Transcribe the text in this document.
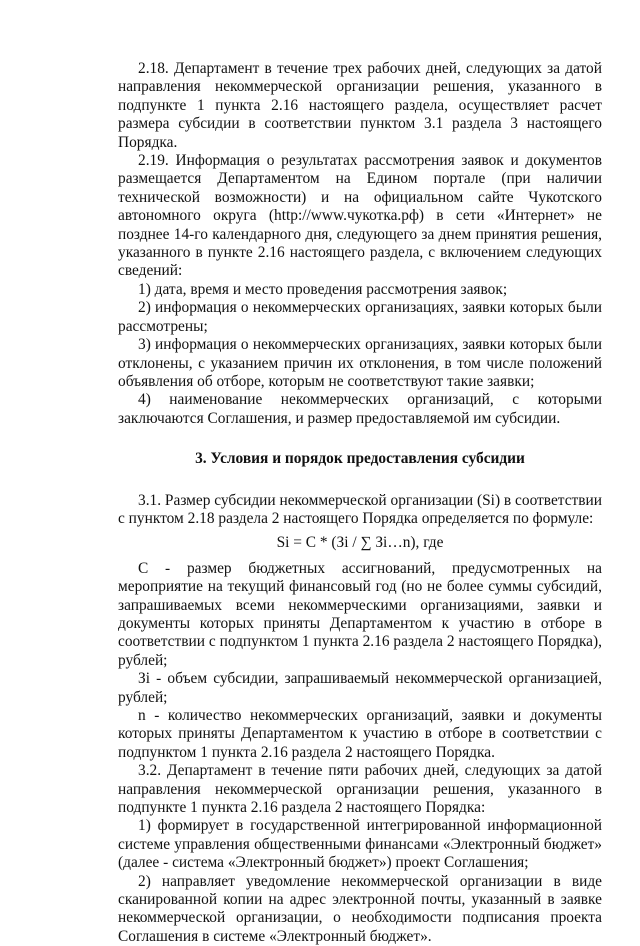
2.18. Департамент в течение трех рабочих дней, следующих за датой направления некоммерческой организации решения, указанного в подпункте 1 пункта 2.16 настоящего раздела, осуществляет расчет размера субсидии в соответствии пунктом 3.1 раздела 3 настоящего Порядка.

2.19. Информация о результатах рассмотрения заявок и документов размещается Департаментом на Едином портале (при наличии технической возможности) и на официальном сайте Чукотского автономного округа (http://www.чукотка.рф) в сети «Интернет» не позднее 14-го календарного дня, следующего за днем принятия решения, указанного в пункте 2.16 настоящего раздела, с включением следующих сведений:

1) дата, время и место проведения рассмотрения заявок;

2) информация о некоммерческих организациях, заявки которых были рассмотрены;

3) информация о некоммерческих организациях, заявки которых были отклонены, с указанием причин их отклонения, в том числе положений объявления об отборе, которым не соответствуют такие заявки;

4) наименование некоммерческих организаций, с которыми заключаются Соглашения, и размер предоставляемой им субсидии.

3. Условия и порядок предоставления субсидии

3.1. Размер субсидии некоммерческой организации (Si) в соответствии с пунктом 2.18 раздела 2 настоящего Порядка определяется по формуле:

Si = C * (Зi / ∑ Зi…n), где

C - размер бюджетных ассигнований, предусмотренных на мероприятие на текущий финансовый год (но не более суммы субсидий, запрашиваемых всеми некоммерческими организациями, заявки и документы которых приняты Департаментом к участию в отборе в соответствии с подпунктом 1 пункта 2.16 раздела 2 настоящего Порядка), рублей;

Зi - объем субсидии, запрашиваемый некоммерческой организацией, рублей;

n - количество некоммерческих организаций, заявки и документы которых приняты Департаментом к участию в отборе в соответствии с подпунктом 1 пункта 2.16 раздела 2 настоящего Порядка.

3.2. Департамент в течение пяти рабочих дней, следующих за датой направления некоммерческой организации решения, указанного в подпункте 1 пункта 2.16 раздела 2 настоящего Порядка:

1) формирует в государственной интегрированной информационной системе управления общественными финансами «Электронный бюджет» (далее - система «Электронный бюджет») проект Соглашения;

2) направляет уведомление некоммерческой организации в виде сканированной копии на адрес электронной почты, указанный в заявке некоммерческой организации, о необходимости подписания проекта Соглашения в системе «Электронный бюджет».
